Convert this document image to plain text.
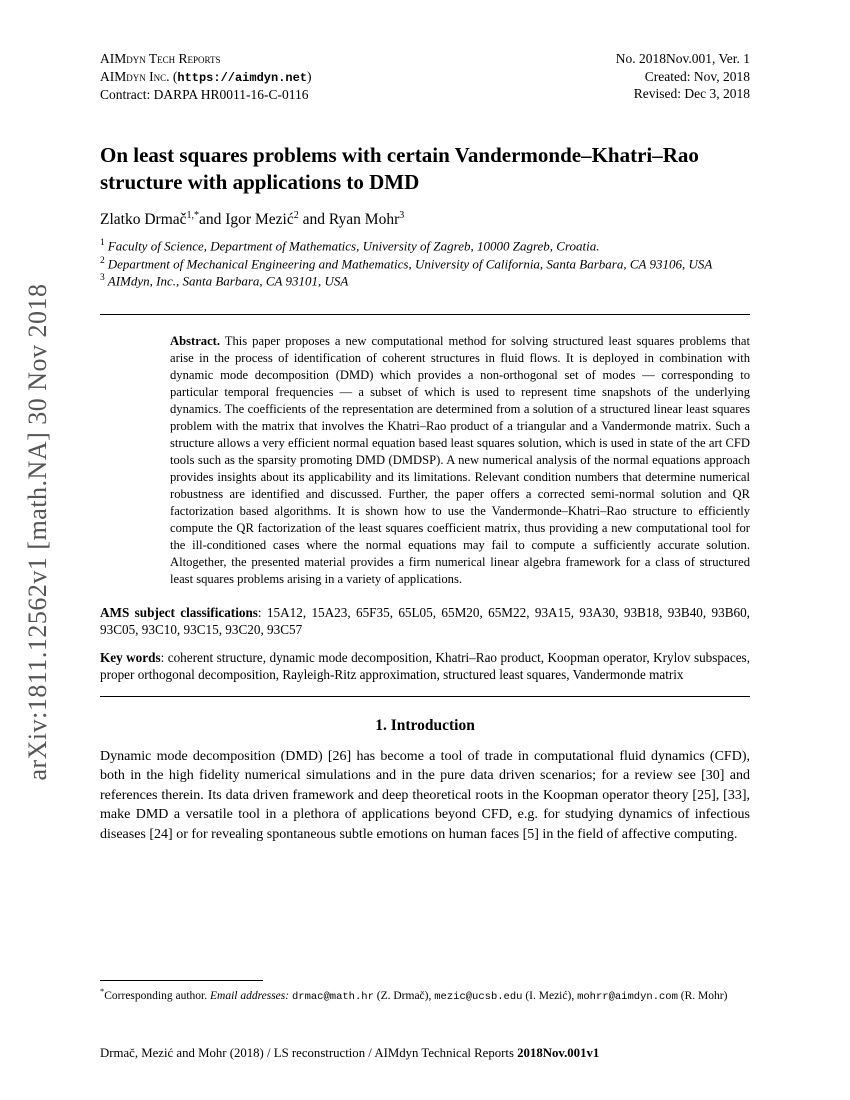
arXiv:1811.12562v1 [math.NA] 30 Nov 2018
AIMdyn Tech Reports
AIMdyn Inc. (https://aimdyn.net)
Contract: DARPA HR0011-16-C-0116
No. 2018Nov.001, Ver. 1
Created: Nov, 2018
Revised: Dec 3, 2018
On least squares problems with certain Vandermonde–Khatri–Rao structure with applications to DMD
Zlatko Drmač$^{1,*}$and Igor Mezić$^2$ and Ryan Mohr$^3$
$^1$ Faculty of Science, Department of Mathematics, University of Zagreb, 10000 Zagreb, Croatia.
$^2$ Department of Mechanical Engineering and Mathematics, University of California, Santa Barbara, CA 93106, USA
$^3$ AIMdyn, Inc., Santa Barbara, CA 93101, USA

Abstract. This paper proposes a new computational method for solving structured least squares problems that arise in the process of identification of coherent structures in fluid flows. It is deployed in combination with dynamic mode decomposition (DMD) which provides a non-orthogonal set of modes — corresponding to particular temporal frequencies — a subset of which is used to represent time snapshots of the underlying dynamics. The coefficients of the representation are determined from a solution of a structured linear least squares problem with the matrix that involves the Khatri–Rao product of a triangular and a Vandermonde matrix. Such a structure allows a very efficient normal equation based least squares solution, which is used in state of the art CFD tools such as the sparsity promoting DMD (DMDSP). A new numerical analysis of the normal equations approach provides insights about its applicability and its limitations. Relevant condition numbers that determine numerical robustness are identified and discussed. Further, the paper offers a corrected semi-normal solution and QR factorization based algorithms. It is shown how to use the Vandermonde–Khatri–Rao structure to efficiently compute the QR factorization of the least squares coefficient matrix, thus providing a new computational tool for the ill-conditioned cases where the normal equations may fail to compute a sufficiently accurate solution. Altogether, the presented material provides a firm numerical linear algebra framework for a class of structured least squares problems arising in a variety of applications.

AMS subject classifications: 15A12, 15A23, 65F35, 65L05, 65M20, 65M22, 93A15, 93A30, 93B18, 93B40, 93B60, 93C05, 93C10, 93C15, 93C20, 93C57

Key words: coherent structure, dynamic mode decomposition, Khatri–Rao product, Koopman operator, Krylov subspaces, proper orthogonal decomposition, Rayleigh-Ritz approximation, structured least squares, Vandermonde matrix

1. Introduction

Dynamic mode decomposition (DMD) [26] has become a tool of trade in computational fluid dynamics (CFD), both in the high fidelity numerical simulations and in the pure data driven scenarios; for a review see [30] and references therein. Its data driven framework and deep theoretical roots in the Koopman operator theory [25], [33], make DMD a versatile tool in a plethora of applications beyond CFD, e.g. for studying dynamics of infectious diseases [24] or for revealing spontaneous subtle emotions on human faces [5] in the field of affective computing.

*Corresponding author. Email addresses: drmac@math.hr (Z. Drmač), mezic@ucsb.edu (I. Mezić), mohrr@aimdyn.com (R. Mohr)
Drmač, Mezić and Mohr (2018) / LS reconstruction / AIMdyn Technical Reports 2018Nov.001v1
